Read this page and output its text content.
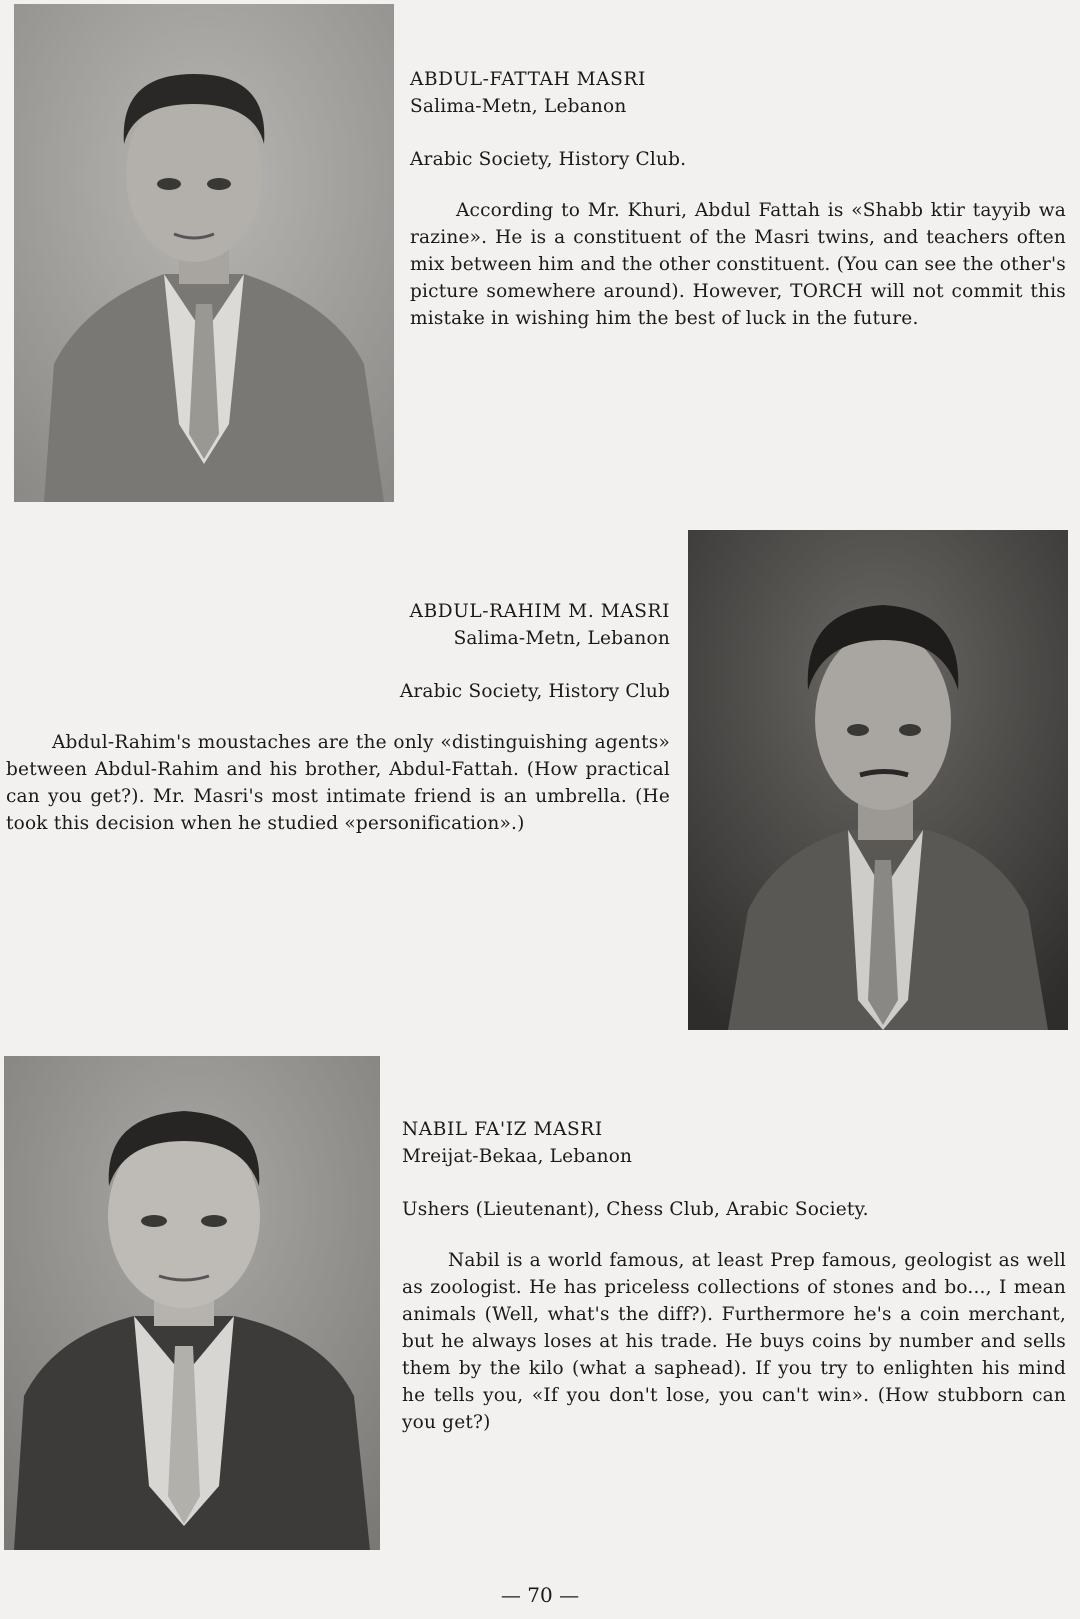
ABDUL-FATTAH MASRI

Salima-Metn, Lebanon

Arabic Society, History Club.

According to Mr. Khuri, Abdul Fattah is «Shabb ktir tayyib wa razine». He is a constituent of the Masri twins, and teachers often mix between him and the other constituent. (You can see the other's picture somewhere around). However, TORCH will not commit this mistake in wishing him the best of luck in the future.

ABDUL-RAHIM M. MASRI

Salima-Metn, Lebanon

Arabic Society, History Club

Abdul-Rahim's moustaches are the only «distinguishing agents» between Abdul-Rahim and his brother, Abdul-Fattah. (How practical can you get?). Mr. Masri's most intimate friend is an umbrella. (He took this decision when he studied «personification».)

NABIL FA'IZ MASRI

Mreijat-Bekaa, Lebanon

Ushers (Lieutenant), Chess Club, Arabic Society.

Nabil is a world famous, at least Prep famous, geologist as well as zoologist. He has priceless collections of stones and bo..., I mean animals (Well, what's the diff?). Furthermore he's a coin merchant, but he always loses at his trade. He buys coins by number and sells them by the kilo (what a saphead). If you try to enlighten his mind he tells you, «If you don't lose, you can't win». (How stubborn can you get?)

— 70 —
